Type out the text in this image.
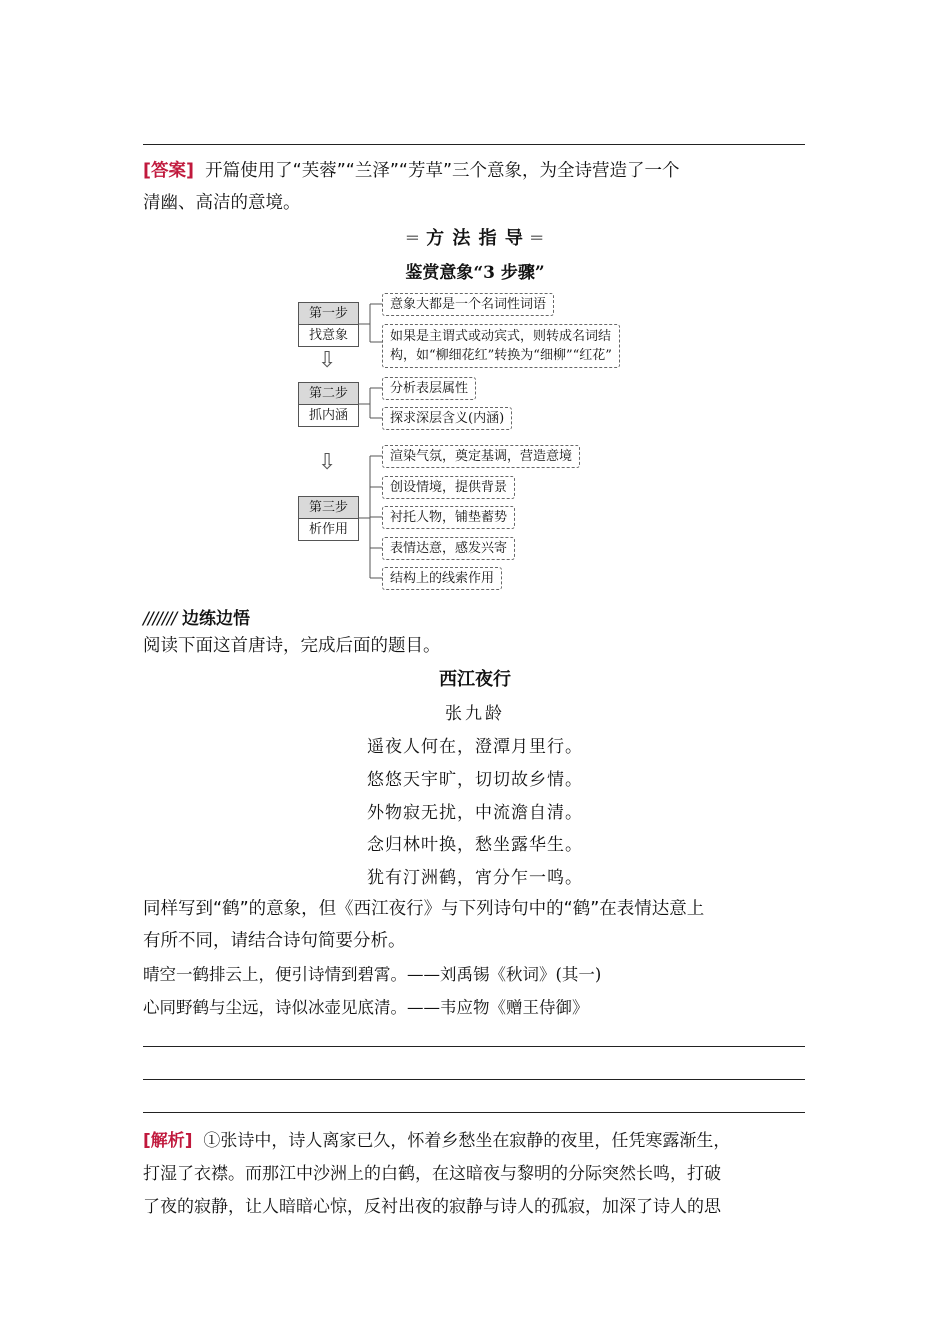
[答案] 开篇使用了“芙蓉”“兰泽”“芳草”三个意象，为全诗营造了一个
清幽、高洁的意境。
═ 方 法 指 导 ═
鉴赏意象“3 步骤”
第一步
找意象
⇩
第二步
抓内涵
⇩
第三步
析作用
意象大都是一个名词性词语
如果是主谓式或动宾式，则转成名词结
构，如“柳细花红”转换为“细柳”“红花”
分析表层属性
探求深层含义(内涵)
渲染气氛，奠定基调，营造意境
创设情境，提供背景
衬托人物，铺垫蓄势
表情达意，感发兴寄
结构上的线索作用
/////// 边练边悟
阅读下面这首唐诗，完成后面的题目。
西江夜行
张九龄
遥夜人何在，澄潭月里行。
悠悠天宇旷，切切故乡情。
外物寂无扰，中流澹自清。
念归林叶换，愁坐露华生。
犹有汀洲鹤，宵分乍一鸣。
同样写到“鹤”的意象，但《西江夜行》与下列诗句中的“鹤”在表情达意上
有所不同，请结合诗句简要分析。
晴空一鹤排云上，便引诗情到碧霄。——刘禹锡《秋词》(其一)
心同野鹤与尘远，诗似冰壶见底清。——韦应物《赠王侍御》
[解析] ①张诗中，诗人离家已久，怀着乡愁坐在寂静的夜里，任凭寒露渐生，
打湿了衣襟。而那江中沙洲上的白鹤，在这暗夜与黎明的分际突然长鸣，打破
了夜的寂静，让人暗暗心惊，反衬出夜的寂静与诗人的孤寂，加深了诗人的思
